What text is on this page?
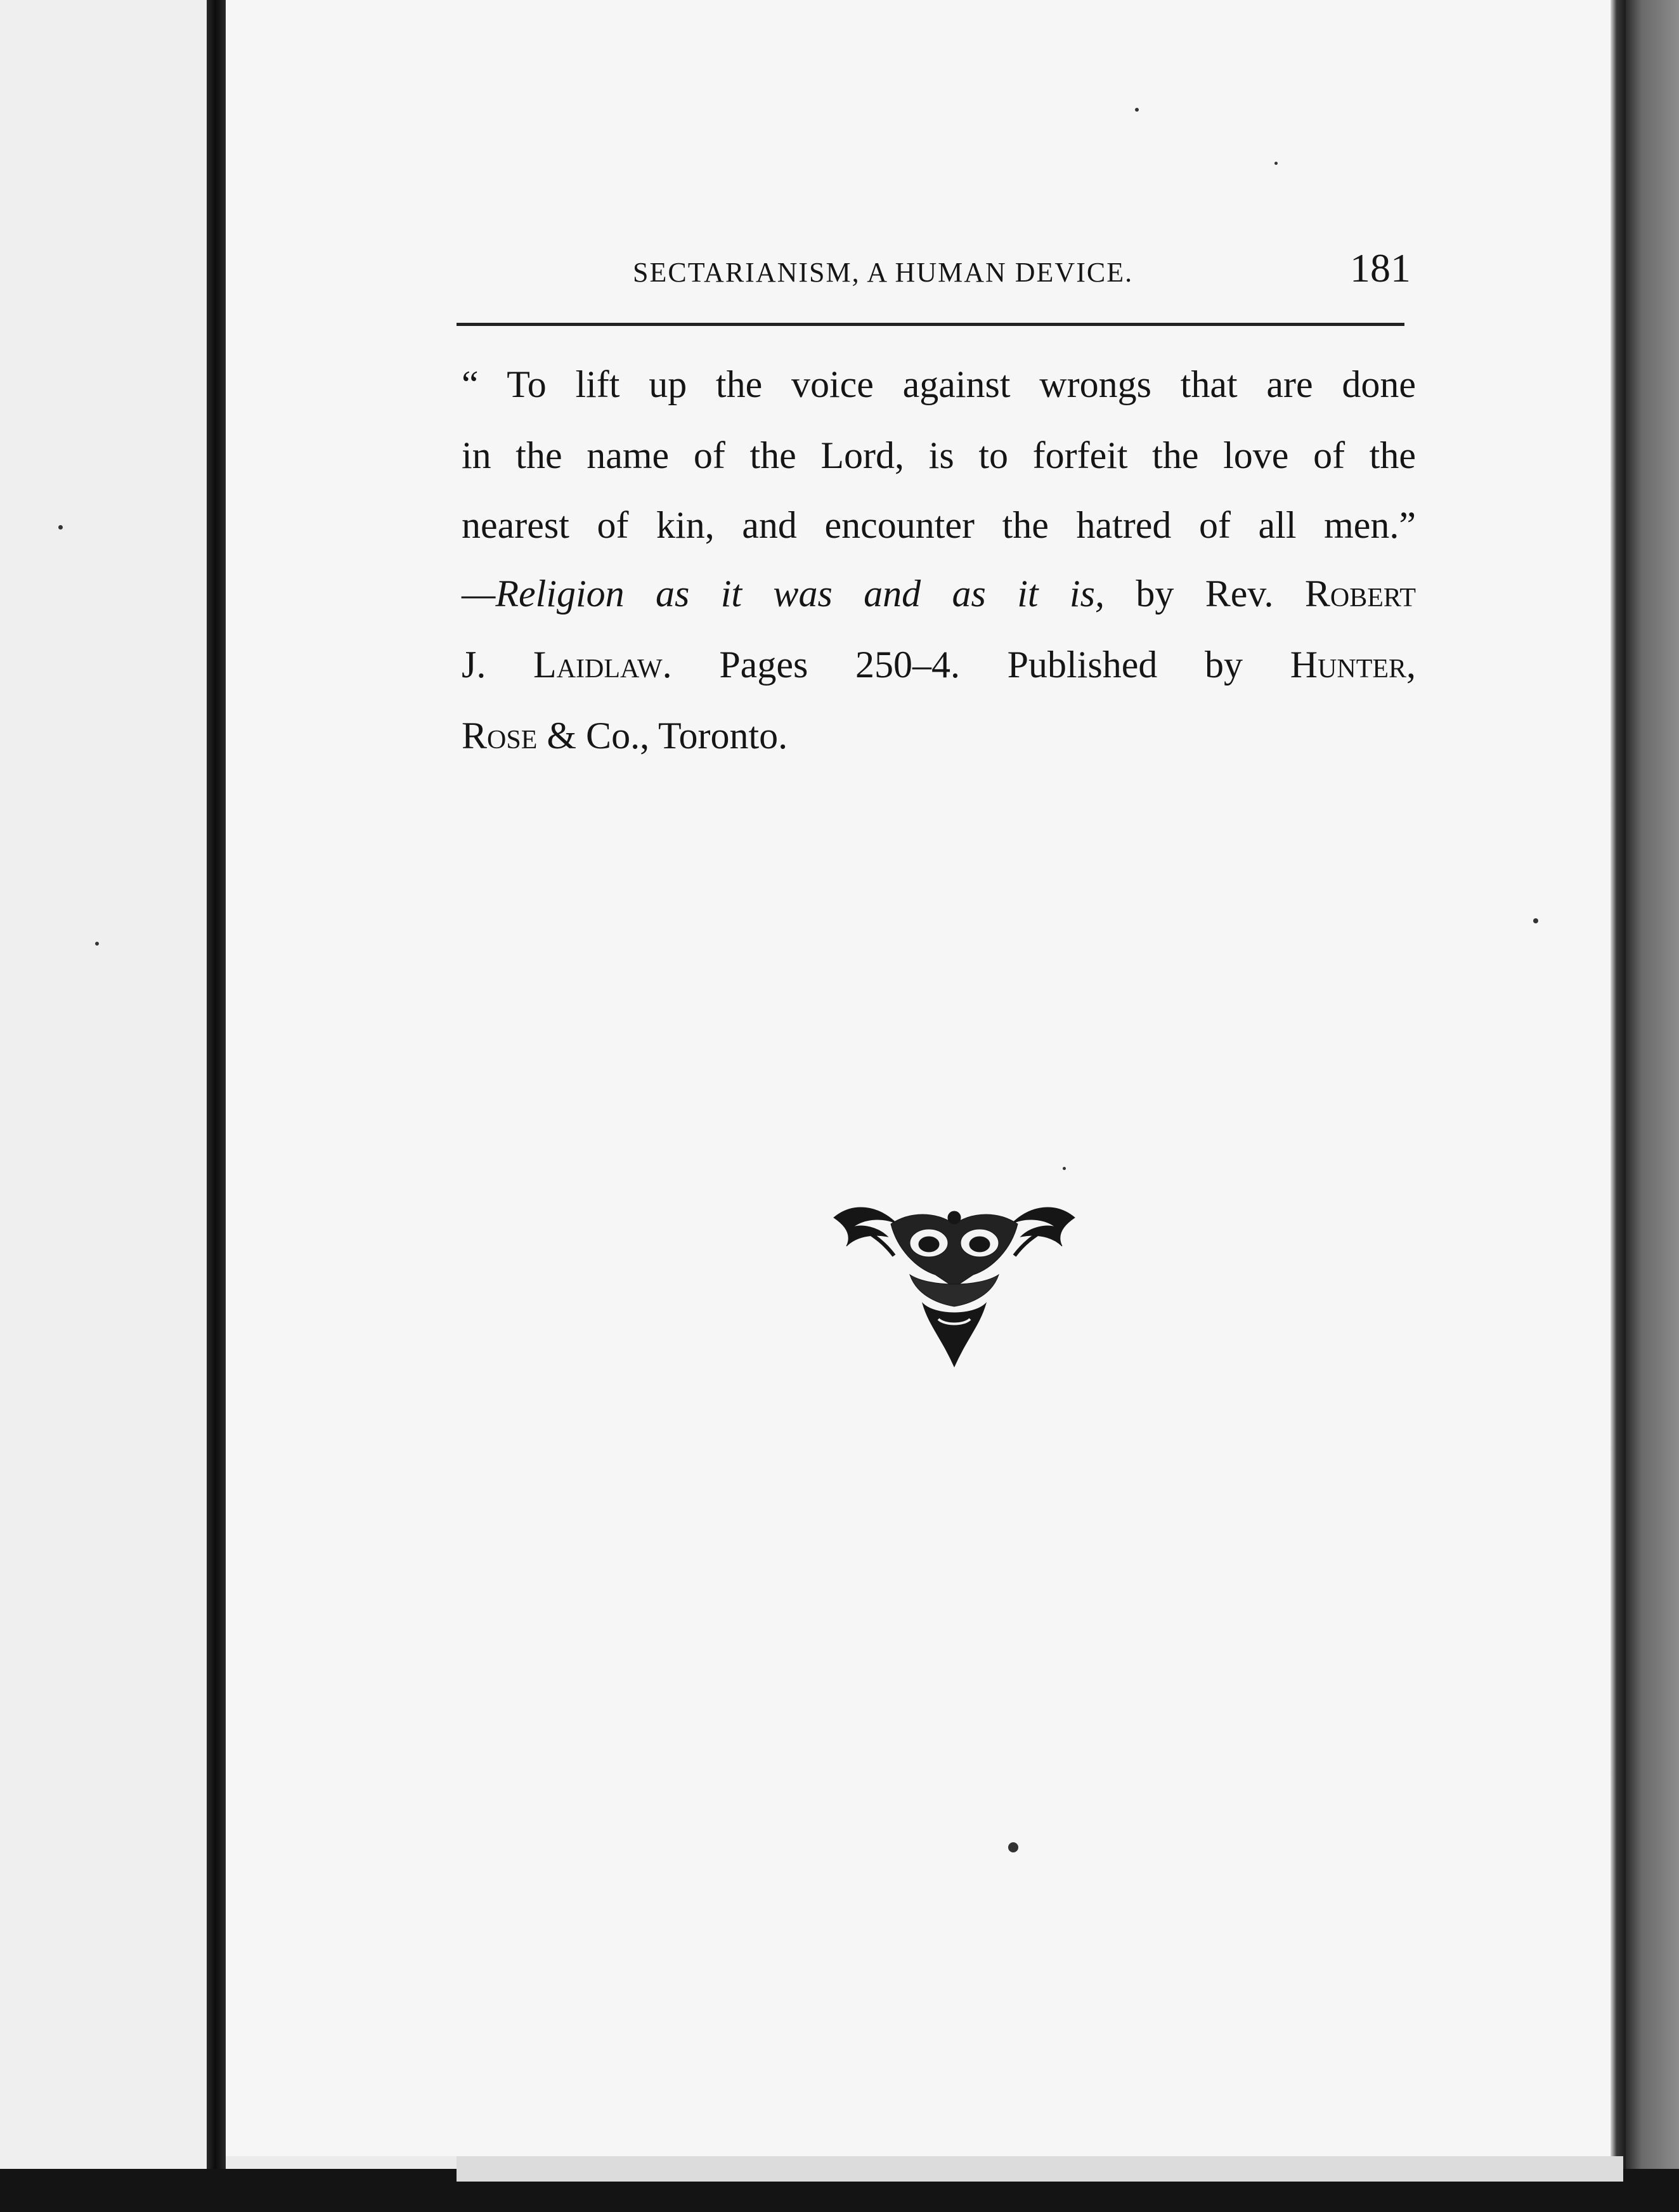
SECTARIANISM, A HUMAN DEVICE.	181
“ To lift up the voice against wrongs that are done
in the name of the Lord, is to forfeit the love of the
nearest of kin, and encounter the hatred of all men.”
—Religion as it was and as it is, by Rev. Robert
J. Laidlaw. Pages 250–4. Published by Hunter,
Rose & Co., Toronto.
